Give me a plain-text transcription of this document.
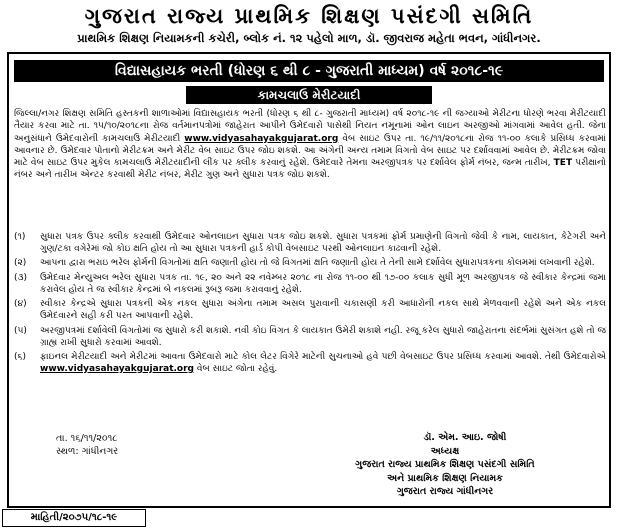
ગુજરાત રાજ્ય પ્રાથમિક શિક્ષણ પસંદગી સમિતિ
પ્રાથમિક શિક્ષણ નિયામકની કચેરી, બ્લોક નં. ૧૨ પહેલો માળ, ડૉ. જીવરાજ મહેતા ભવન, ગાંધીનગર.
વિદ્યાસહાયક ભરતી (ધોરણ ૬ થી ૮ - ગુજરાતી માધ્યમ) વર્ષ ૨૦૧૮-૧૯
કામચલાઉ મેરીટયાદી

જિલ્લા/નગર શિક્ષણ સમિતિ હસ્તકની શાળાઓમાં વિદ્યાસહાયક ભરતી (ધોરણ ૬ થી ૮- ગુજરાતી માધ્યમ) વર્ષ ૨૦૧૮-૧૯ ની જગ્યાઓ મેરીટના ધોરણે ભરવા મેરીટયાદી તૈયાર કરવા માટે તા. ૧૫/૧૦/૨૦૧૮ના રોજ વર્તમાનપત્રોમાં જાહેરાત આપીને ઉમેદવારો પાસેથી નિયત નમૂનામાં ઓન લાઇન અરજીઓ માંગવામાં આવેલ હતી. જેના અનુસંધાને ઉમેદવારોની કામચલાઉ મેરીટયાદી www.vidyasahayakgujarat.org વેબ સાઇટ ઉપર તા. ૧૯/૧૧/૨૦૧૮ના રોજ ૧૧-૦૦ કલાકે પ્રસિધ્ધ કરવામાં આવનાર છે. ઉમેદવાર પોતાનો મેરીટક્રમ અને મેરીટ વેબ સાઇટ ઉપર જોઇ શકશે. આ અંગેની અન્ય તમામ વિગતો વેબ સાઇટ પર દર્શાવવામાં આવેલ છે. મેરીટક્રમ જોવા માટે વેબ સાઇટ ઉપર મુકેલ કામચલાઉ મેરીટયાદીની લીંક પર ક્લીક કરવાનું રહેશે. ઉમેદવારે તેમના અરજીપત્રક પર દર્શાવેલ ફોર્મ નંબર, જન્મ તારીખ, TET પરીક્ષાનો નંબર અને તારીખ એન્ટર કરવાથી મેરીટ નંબર, મેરીટ ગુણ અને સુધારા પત્રક જોઇ શકશે.

(૧)	સુધારા પત્રક ઉપર ક્લીક કરવાથી ઉમેદવાર ઓનલાઇન સુધારા પત્રક જોઇ શકશે. સુધારા પત્રકમાં ફોર્મ પ્રમાણેની વિગતો જેવી કે નામ, લાયકાત, કેટેગરી અને ગુણ/ટકા વગેરેમાં જો કોઇ ક્ષતિ હોય તો આ સુધારા પત્રકની હાર્ડ કોપી વેબસાઇટ પરથી ઓનલાઇન કાઢવાની રહેશે.
(૨)	આપના દ્વારા ભરાઇ ભરેલ ફોર્મની વિગતોમાં ક્ષતિ જણાતી હોય તો જે વિગતમાં ક્ષતિ જણાતી હોય તે તેની સામે દર્શાવેલ સુધારાપત્રકના કોલમમાં લખવાની રહેશે.
(૩)	ઉમેદવાર મેન્યુઅલ ભરેલ સુધારા પત્રક તા. ૧૯, ૨૦ અને ૨૨ નવેમ્બર ૨૦૧૮ ના રોજ ૧૧-૦૦ થી ૧૭-૦૦ કલાક સુધી મૂળ અરજીપત્રક જે સ્વીકાર કેન્દ્રમાં જમા કરાવેલ હોય તે જ સ્વીકાર કેન્દ્રમાં બે નકલમાં રૂબરૂ જમા કરાવવાનું રહેશે.
(૪)	સ્વીકાર કેન્દ્રએ સુધારા પત્રકની એક નકલ સુધારા અંગેના તમામ અસલ પુરાવાની ચકાસણી કરી આધારોની નકલ સાથે મેળવવાની રહેશે અને એક નકલ ઉમેદવારને સહી કરી પરત આપવાની રહેશે.
(૫)	અરજીપત્રમાં દર્શાવેલી વિગતોમાં જ સુધારો કરી શકાશે. નવી કોઇ વિગત કે લાયકાત ઉમેરી શકાશે નહી. રજૂ કરેલ સુધારો જાહેરાતના સંદર્ભમાં સુસંગત હશે તો જ ગ્રાહ્ય રાખી સુધારો કરવામાં આવશે.
(૬)	ફાઇનલ મેરીટયાદી અને મેરીટમાં આવતા ઉમેદવારો માટે કોલ લેટર વિગેરે માટેની સુચનાઓ હવે પછી વેબસાઇટ ઉપર પ્રસિધ્ધ કરવામાં આવશે. તેથી ઉમેદવારોએ www.vidyasahayakgujarat.org વેબ સાઇટ જોતા રહેવું.
તા. ૧૬/૧૧/૨૦૧૮
સ્થળ: ગાંધીનગર
ડૉ. એમ. આઇ. જોષી
અધ્યક્ષ
ગુજરાત રાજ્ય પ્રાથમિક શિક્ષણ પસંદગી સમિતિ
અને પ્રાથમિક શિક્ષણ નિયામક
ગુજરાત રાજ્ય ગાંધીનગર
માહિતી/૨૦૭૫/૧૮-૧૯
